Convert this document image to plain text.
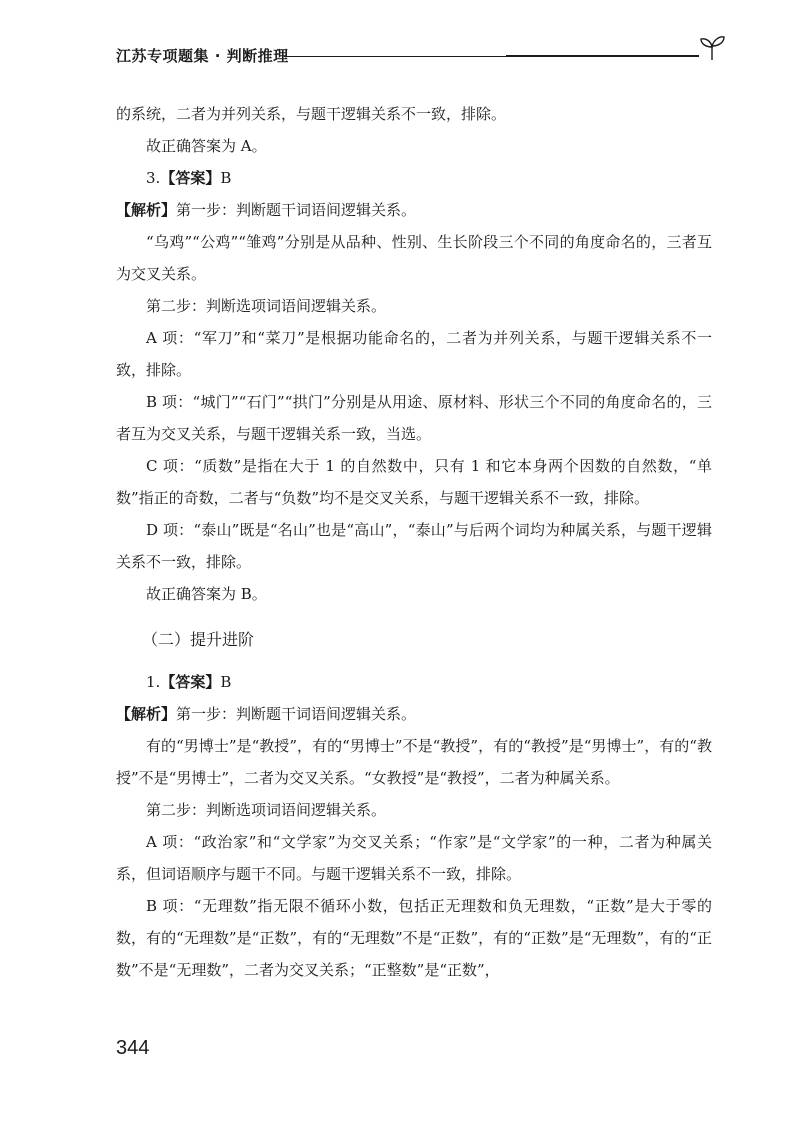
江苏专项题集 · 判断推理

的系统，二者为并列关系，与题干逻辑关系不一致，排除。

故正确答案为 A。

3.【答案】B

【解析】第一步：判断题干词语间逻辑关系。

“乌鸡”“公鸡”“雏鸡”分别是从品种、性别、生长阶段三个不同的角度命名的，三者互为交叉关系。

第二步：判断选项词语间逻辑关系。

A 项：“军刀”和“菜刀”是根据功能命名的，二者为并列关系，与题干逻辑关系不一致，排除。

B 项：“城门”“石门”“拱门”分别是从用途、原材料、形状三个不同的角度命名的，三者互为交叉关系，与题干逻辑关系一致，当选。

C 项：“质数”是指在大于 1 的自然数中，只有 1 和它本身两个因数的自然数，“单数”指正的奇数，二者与“负数”均不是交叉关系，与题干逻辑关系不一致，排除。

D 项：“泰山”既是“名山”也是“高山”，“泰山”与后两个词均为种属关系，与题干逻辑关系不一致，排除。

故正确答案为 B。

（二）提升进阶

1.【答案】B

【解析】第一步：判断题干词语间逻辑关系。

有的“男博士”是“教授”，有的“男博士”不是“教授”，有的“教授”是“男博士”，有的“教授”不是“男博士”，二者为交叉关系。“女教授”是“教授”，二者为种属关系。

第二步：判断选项词语间逻辑关系。

A 项：“政治家”和“文学家”为交叉关系；“作家”是“文学家”的一种，二者为种属关系，但词语顺序与题干不同。与题干逻辑关系不一致，排除。

B 项：“无理数”指无限不循环小数，包括正无理数和负无理数，“正数”是大于零的数，有的“无理数”是“正数”，有的“无理数”不是“正数”，有的“正数”是“无理数”，有的“正数”不是“无理数”，二者为交叉关系；“正整数”是“正数”，

344
